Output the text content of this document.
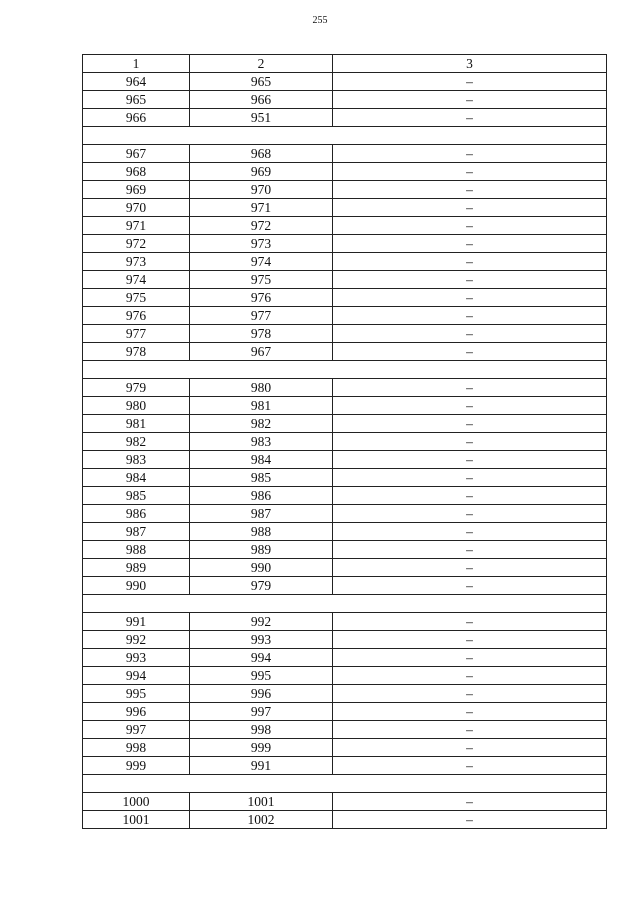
255
1	2	3
964	965	–
965	966	–
966	951	–

967	968	–
968	969	–
969	970	–
970	971	–
971	972	–
972	973	–
973	974	–
974	975	–
975	976	–
976	977	–
977	978	–
978	967	–

979	980	–
980	981	–
981	982	–
982	983	–
983	984	–
984	985	–
985	986	–
986	987	–
987	988	–
988	989	–
989	990	–
990	979	–

991	992	–
992	993	–
993	994	–
994	995	–
995	996	–
996	997	–
997	998	–
998	999	–
999	991	–

1000	1001	–
1001	1002	–
